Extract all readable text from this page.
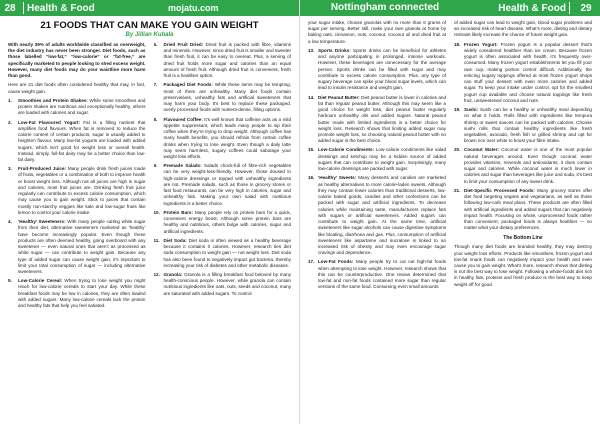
28	Health & Food	mojatu .com
21 FOODS THAT CAN MAKE YOU GAIN WEIGHT
By Jillian Kubala

With nearly 39% of adults worldwide classified as overweight, the diet industry has never been stronger. Diet foods, such as those labelled “low-fat,” “low-calorie” or “fat-free,” are specifically marketed to people looking to shed excess weight. However, many diet foods may do your waistline more harm than good.

Here are 21 diet foods often considered healthy that may, in fact, cause weight gain.

1.	Smoothies and Protein Shakes: While some smoothies and protein shakes are nutritious and exceptionally healthy, others are loaded with calories and sugar.
2.	Low-Fat Flavoured Yogurt: Fat is a filling nutrient that amplifies food flavours. When fat is removed to reduce the calorie content of certain products, sugar is usually added to heighten flavour. Many low-fat yogurts are loaded with added sugars, which isn’t good for weight loss or overall health. Instead, simply, full-fat dairy may be a better choice than low-fat dairy.
3.	Fruit-Produced Juice: Many people drink fresh juices made of fruits, vegetables or a combination of both to improve health or boost weight loss. Although not all juices are high in sugar and calories, most fruit juices are. Drinking fresh fruit juice regularly can contribute to excess calorie consumption, which may cause you to gain weight. Stick to juices that contain mostly non-starchy veggies like kale and low-sugar fruits like lemon to control your calorie intake.
4.	‘Healthy’ Sweeteners: With many people cutting white sugar from their diet, alternative sweeteners marketed as ‘healthy’ have become increasingly popular. Even though these products are often deemed healthy, going overboard with any sweetener — even natural ones that aren’t as processed as white sugar — can contribute to weight gain. Because any type of added sugar can cause weight gain, it’s important to limit your total consumption of sugar — including alternative sweeteners.
5.	Low-Calorie Cereal: When trying to lose weight you might reach for low-calorie cereals to start your day. While these breakfast foods may be low in calories, they are often loaded with added sugars. Many low-calorie cereals lack the protein and healthy fats that help you feel satiated.
6.	Dried Fruit Dried: Dried fruit is packed with fibre, vitamins and minerals. However, since dried fruit is smaller and sweeter than fresh fruit, it can be easy to overeat. Plus, a serving of dried fruit holds more sugar and calories than an equal amount of fresh fruit. Although dried fruit is convenient, fresh fruit is a healthier option.
7.	Packaged Diet Foods: While these items may be tempting, most of them are unhealthy. Many diet foods contain preservatives, unhealthy fats and artificial sweeteners that may harm your body. It’s best to replace these packaged, overly processed foods with nutrient-dense, filling options.
8.	Flavoured Coffee: It’s well known that caffeine acts as a mild appetite suppressant, which leads many people to sip their coffee when they’re trying to drop weight. Although coffee has many health benefits, you should refrain from certain coffee drinks when trying to lose weight. Even though a daily latte may seem harmless, sugary coffees could sabotage your weight loss efforts.
9.	Premade Salads: Salads chock-full of fibre-rich vegetables can be very weight-loss-friendly. However, those doused in high-calorie dressings or topped with unhealthy ingredients are not. Premade salads, such as those in grocery stores or fast food restaurants, can be very high in calories, sugar and unhealthy fats. Making your own salad with nutritious ingredients is a better choice.
10. Protein Bars: Many people rely on protein bars for a quick, convenient energy boost. Although some protein bars are healthy and nutritious, others bulge with calories, sugar and artificial ingredients.
11. Diet Soda: Diet soda is often viewed as a healthy beverage because it contains 0 calories. However, research ties diet soda consumption to weight gain — not weight loss. Diet soda has also been found to negatively impact gut bacteria, thereby increasing your risk of diabetes and other metabolic diseases.
12. Granola: Granola is a filling breakfast food beloved by many health-conscious people. However, while granola can contain nutritious ingredients like oats, nuts, seeds and coconut, many are saturated with added sugars. To control
Nottingham connected	Health & Food	29

your sugar intake, choose granolas with no more than 6 grams of sugar per serving. Better still, make your own granola at home by baking oats, cinnamon, nuts, coconut, coconut oil and dried fruit at a low temperature.

13. Sports Drinks: Sports drinks can be beneficial for athletes and anyone participating in prolonged, intense workouts. However, these beverages are unnecessary for the average person. Sports drinks can be filled with sugar and may contribute to excess calorie consumption. Plus, any type of sugary beverage can spike your blood sugar levels, which can lead to insulin resistance and weight gain.
14. Diet Peanut Butter: Diet peanut butter is lower in calories and fat than regular peanut butter. Although this may seem like a good choice for weight loss, diet peanut butter regularly harbours unhealthy oils and added sugars. Natural peanut butter made with limited ingredients is a better choice for weight loss. Research shows that limiting added sugar may promote weight loss, so choosing natural peanut butter with no added sugar is the best choice.
15. Low-Calorie Condiments: Low-calorie condiments like salad dressings and ketchup may be a hidden source of added sugars that can contribute to weight gain. Surprisingly, many low-calorie dressings are packed with sugar.
16. ‘Healthy’ Sweets: Many desserts and candies are marketed as healthy alternatives to more calorie-laden sweets. Although they may contain fewer calories than traditional desserts, low-calorie baked goods, candies and other confections can be packed with sugar and artificial ingredients. To decrease calories while maintaining taste, manufacturers replace fats with sugars or artificial sweeteners. Added sugars can contribute to weight gain. At the same time, artificial sweeteners like sugar alcohols can cause digestive symptoms like bloating, diarrhoea and gas. Plus, consumption of artificial sweeteners like aspartame and sucralose is linked to an increased risk of obesity and may even encourage sugar cravings and dependence.
17. Low-Fat Foods: Many people try to cut out high-fat foods when attempting to lose weight. However, research shows that this can be counterproductive. One review determined that low-fat and non-fat foods contained more sugar than regular versions of the same food. Consuming even small amounts

of added sugar can lead to weight gain, blood sugar problems and an increased risk of heart disease. What’s more, dieting and dietary restraint likely increase the chance of future weight gain.

18. Frozen Yogurt: Frozen yogurt is a popular dessert that’s widely considered healthier than ice cream. Because frozen yogurt is often associated with health, it’s frequently over-consumed. Many frozen yogurt establishments let you fill your own cup, making portion control difficult. Additionally, the enticing sugary toppings offered at most frozen yogurt shops can stuff your dessert with even more calories and added sugar. To keep your intake under control, opt for the smallest yogurt cup available and choose natural toppings like fresh fruit, unsweetened coconut and nuts.
19. Sushi: Sushi can be a healthy or unhealthy meal depending on what it holds. Rolls filled with ingredients like tempura shrimp or sweet sauces can be packed with calories. Choose sushi rolls that contain healthy ingredients like fresh vegetables, avocado, fresh fish or grilled shrimp and opt for brown rice over white to boost your fibre intake.
20. Coconut Water: Coconut water is one of the most popular natural beverages around. Even though coconut water provides vitamins, minerals and antioxidants, it does contain sugar and calories. While coconut water is much lower in calories and sugar than beverages like juice and soda, it’s best to limit your consumption of any sweet drink.
21. Diet-Specific Processed Foods: Many grocery stores offer diet food targeting vegans and vegetarians, as well as those following low-carb meal plans. These products are often filled with artificial ingredients and added sugars that can negatively impact health. Focusing on whole, unprocessed foods rather than convenient, packaged foods is always healthier — no matter what your dietary preferences.
The Bottom Line

Though many diet foods are branded healthy, they may destroy your weight loss efforts. Products like smoothies, frozen yogurt and low-fat snack foods can negatively impact your health and even cause you to gain weight. What’s more, research shows that dieting is not the best way to lose weight. Following a whole-foods diet rich in healthy fats, proteins and fresh produce is the best way to keep weight off for good.
